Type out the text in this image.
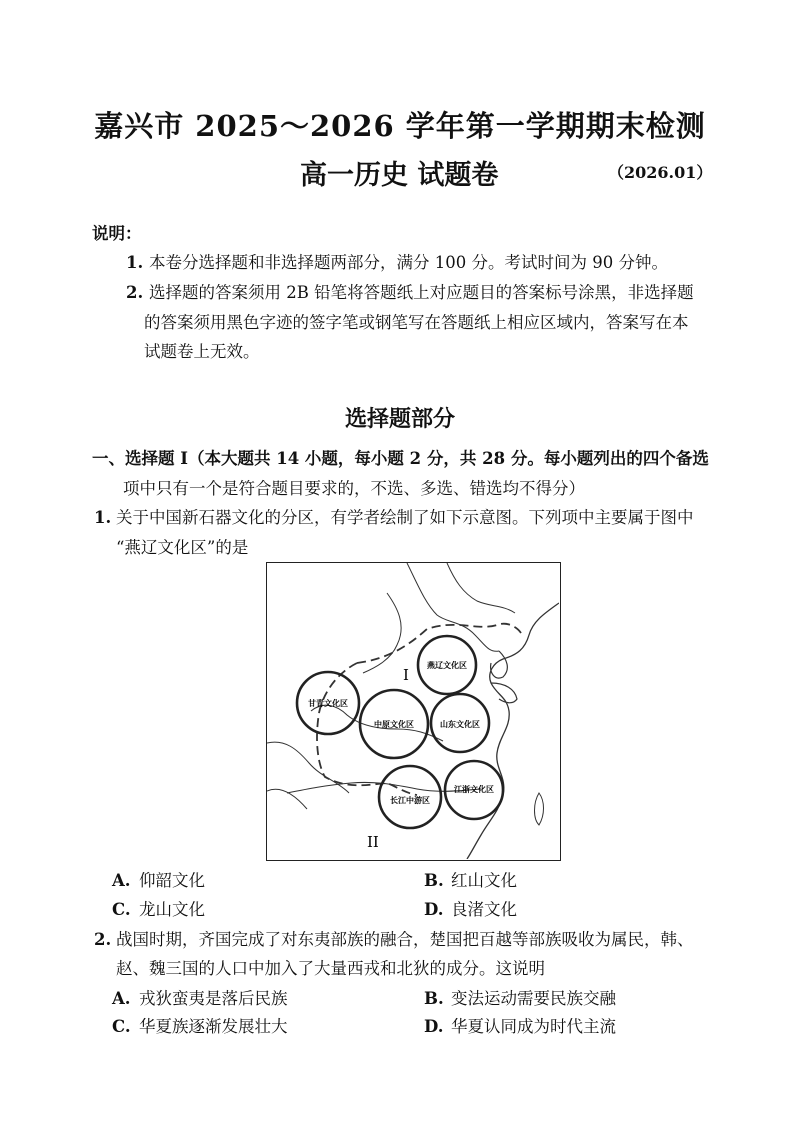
嘉兴市 2025～2026 学年第一学期期末检测
高一历史 试题卷	（2026.01）
说明：
1. 本卷分选择题和非选择题两部分，满分 100 分。考试时间为 90 分钟。
2. 选择题的答案须用 2B 铅笔将答题纸上对应题目的答案标号涂黑，非选择题
的答案须用黑色字迹的签字笔或钢笔写在答题纸上相应区域内，答案写在本
试题卷上无效。
选择题部分
一、选择题 I（本大题共 14 小题，每小题 2 分，共 28 分。每小题列出的四个备选
项中只有一个是符合题目要求的，不选、多选、错选均不得分）
1. 关于中国新石器文化的分区，有学者绘制了如下示意图。下列项中主要属于图中
“燕辽文化区”的是
燕辽文化区
甘青文化区
中原文化区	山东文化区
长江中游区
江浙文化区
I
II
A. 仰韶文化	B. 红山文化
C. 龙山文化	D. 良渚文化
2. 战国时期，齐国完成了对东夷部族的融合，楚国把百越等部族吸收为属民，韩、
赵、魏三国的人口中加入了大量西戎和北狄的成分。这说明
A. 戎狄蛮夷是落后民族	B. 变法运动需要民族交融
C. 华夏族逐渐发展壮大	D. 华夏认同成为时代主流
